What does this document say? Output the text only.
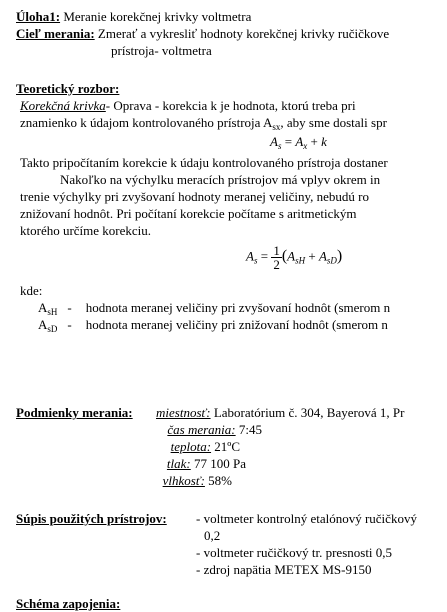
Úloha1: Meranie korekčnej krivky voltmetra
Cieľ merania: Zmerať a vykresliť hodnoty korekčnej krivky ručičkove
prístroja- voltmetra
Teoretický rozbor:
Korekčná krivka- Oprava - korekcia k je hodnota, ktorú treba pri
znamienko k údajom kontrolovaného prístroja $A_{sx}$, aby sme dostali spr
$A_s = A_x + k$
Takto pripočítaním korekcie k údaju kontrolovaného prístroja dostaner
Nakoľko na výchylku meracích prístrojov má vplyv okrem in
trenie výchylky pri zvyšovaní hodnoty meranej veličiny, nebudú ro
znižovaní hodnôt. Pri počítaní korekcie počítame s aritmetickým
ktorého určíme korekciu.
$A_s = \frac{1}{2} (A_{sH} + A_{sD})$
kde:
$A_{sH}$ - hodnota meranej veličiny pri zvyšovaní hodnôt (smerom n
$A_{sD}$ - hodnota meranej veličiny pri znižovaní hodnôt (smerom n
Podmienky merania: miestnosť: Laboratórium č. 304, Bayerová 1, Pr
čas merania: 7:45
teplota: 21ºC
tlak: 77 100 Pa
vlhkosť: 58%
Súpis použitých prístrojov: - voltmeter kontrolný etalónový ručičkový
0,2
- voltmeter ručičkový tr. presnosti 0,5
- zdroj napätia METEX MS-9150
Schéma zapojenia:
